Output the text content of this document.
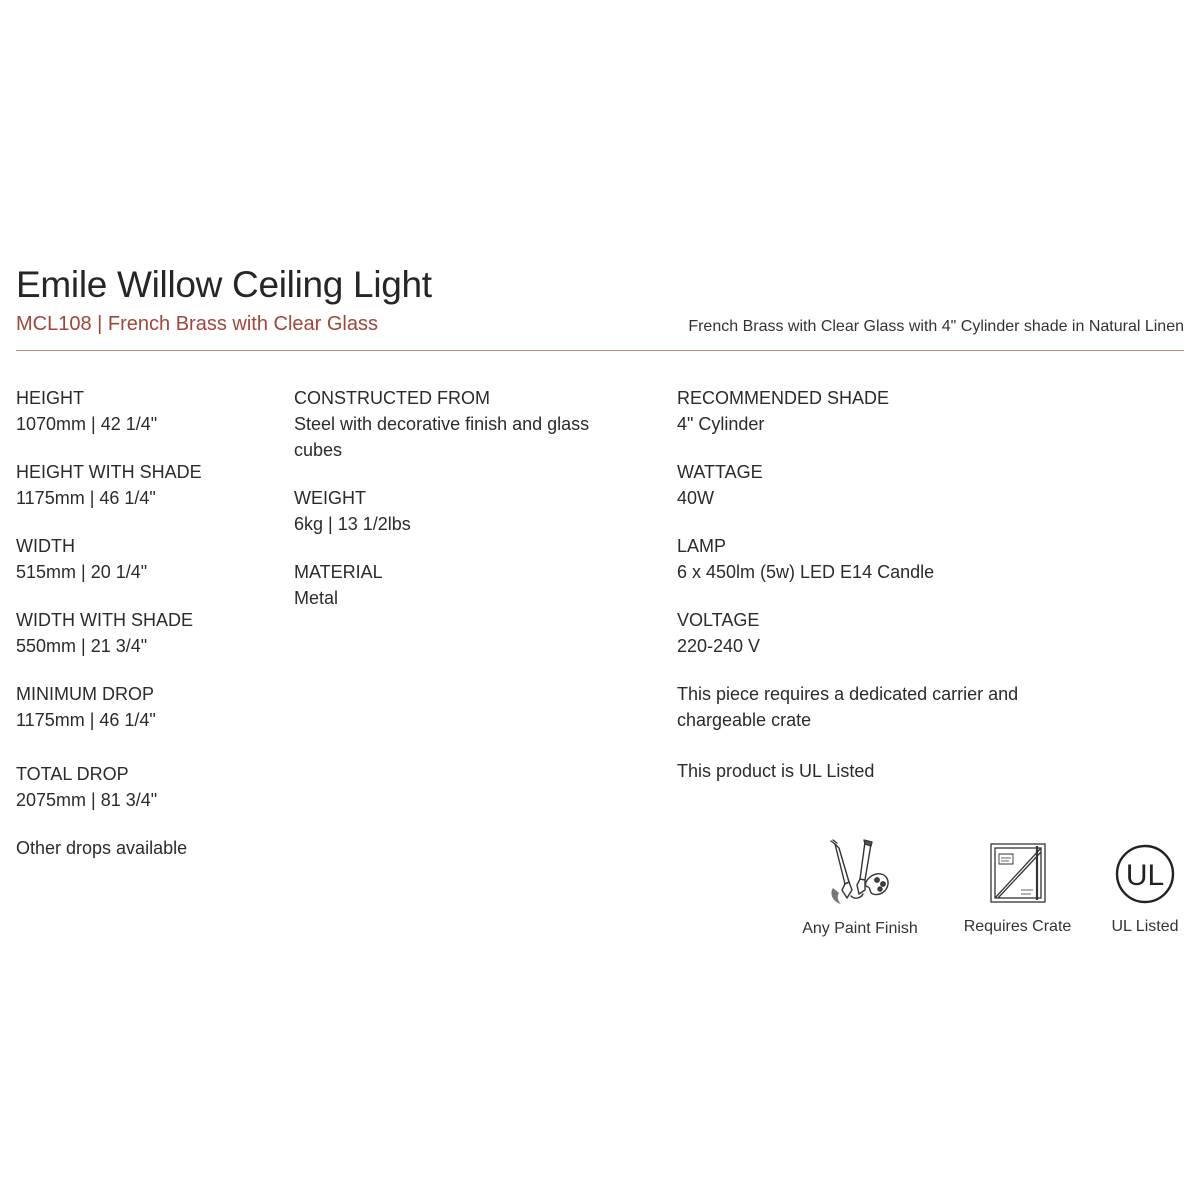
Emile Willow Ceiling Light
MCL108 | French Brass with Clear Glass	French Brass with Clear Glass with 4" Cylinder shade in Natural Linen
HEIGHT
1070mm | 42 1/4"
HEIGHT WITH SHADE
1175mm | 46 1/4"
WIDTH
515mm | 20 1/4"
WIDTH WITH SHADE
550mm | 21 3/4"
MINIMUM DROP
1175mm | 46 1/4"
TOTAL DROP
2075mm | 81 3/4"
Other drops available
CONSTRUCTED FROM
Steel with decorative finish and glass cubes
WEIGHT
6kg | 13 1/2lbs
MATERIAL
Metal
RECOMMENDED SHADE
4" Cylinder
WATTAGE
40W
LAMP
6 x 450lm (5w) LED E14 Candle
VOLTAGE
220-240 V
This piece requires a dedicated carrier and chargeable crate
This product is UL Listed
Any Paint Finish	Requires Crate
UL
UL Listed
